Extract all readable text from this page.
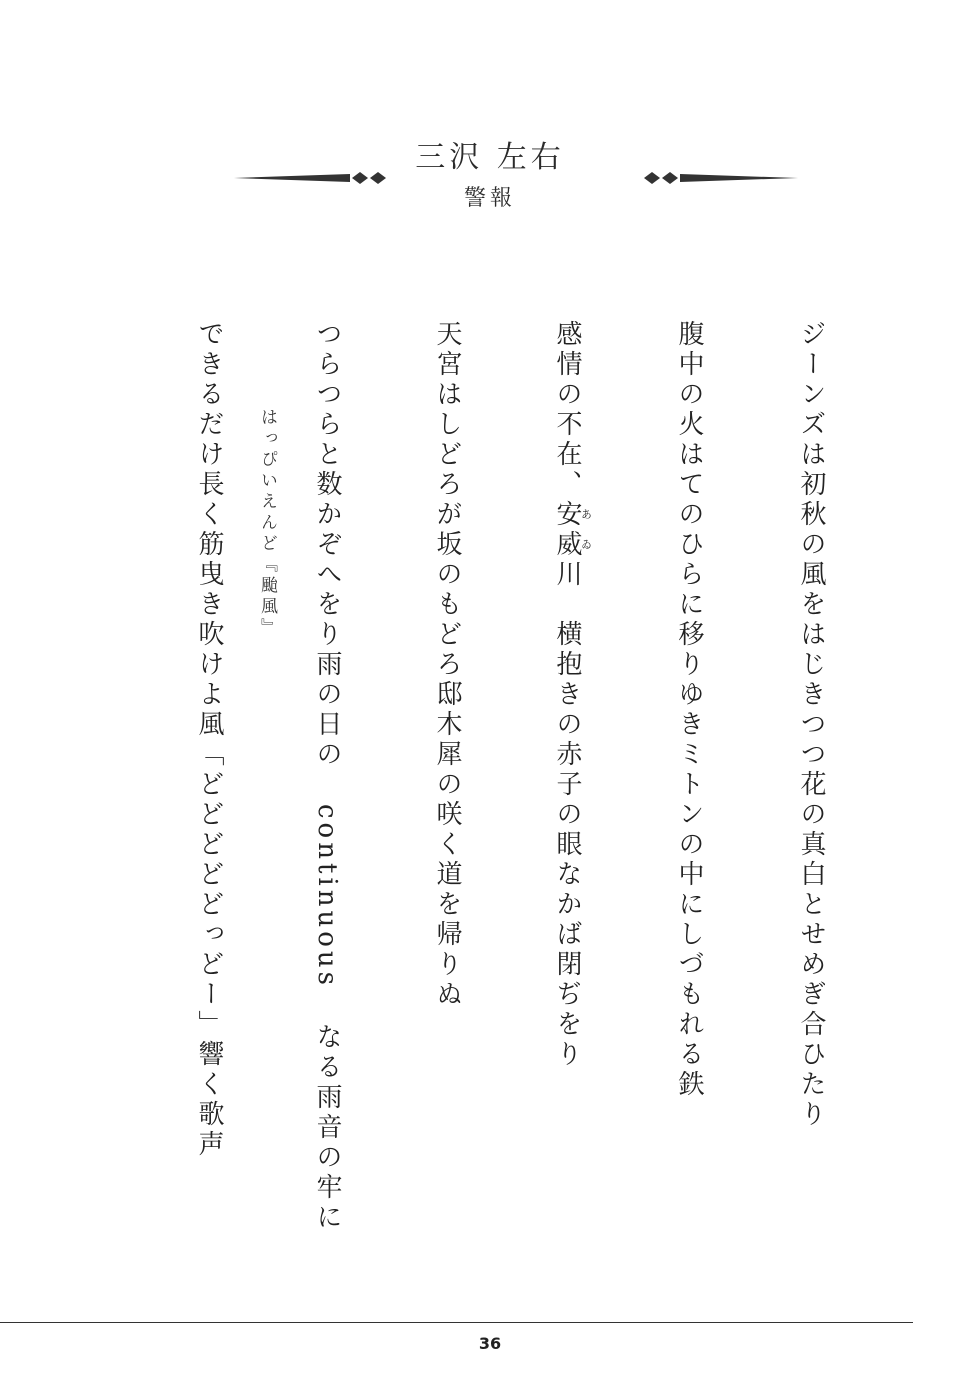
三沢 左右
警報
ジーンズは初秋の風をはじきつつ花の真白とせめぎ合ひたり
腹中の火はてのひらに移りゆきミトンの中にしづもれる鉄
感情の不在、安威あゐ川　横抱きの赤子の眼なかば閉ぢをり
天宮はしどろが坂のもどろ邸木犀の咲く道を帰りぬ
つらつらと数かぞへをり雨の日の continuous なる雨音の牢に
はっぴいえんど『颱風』
できるだけ長く筋曳き吹けよ風「どどどどどっどー」響く歌声
36
